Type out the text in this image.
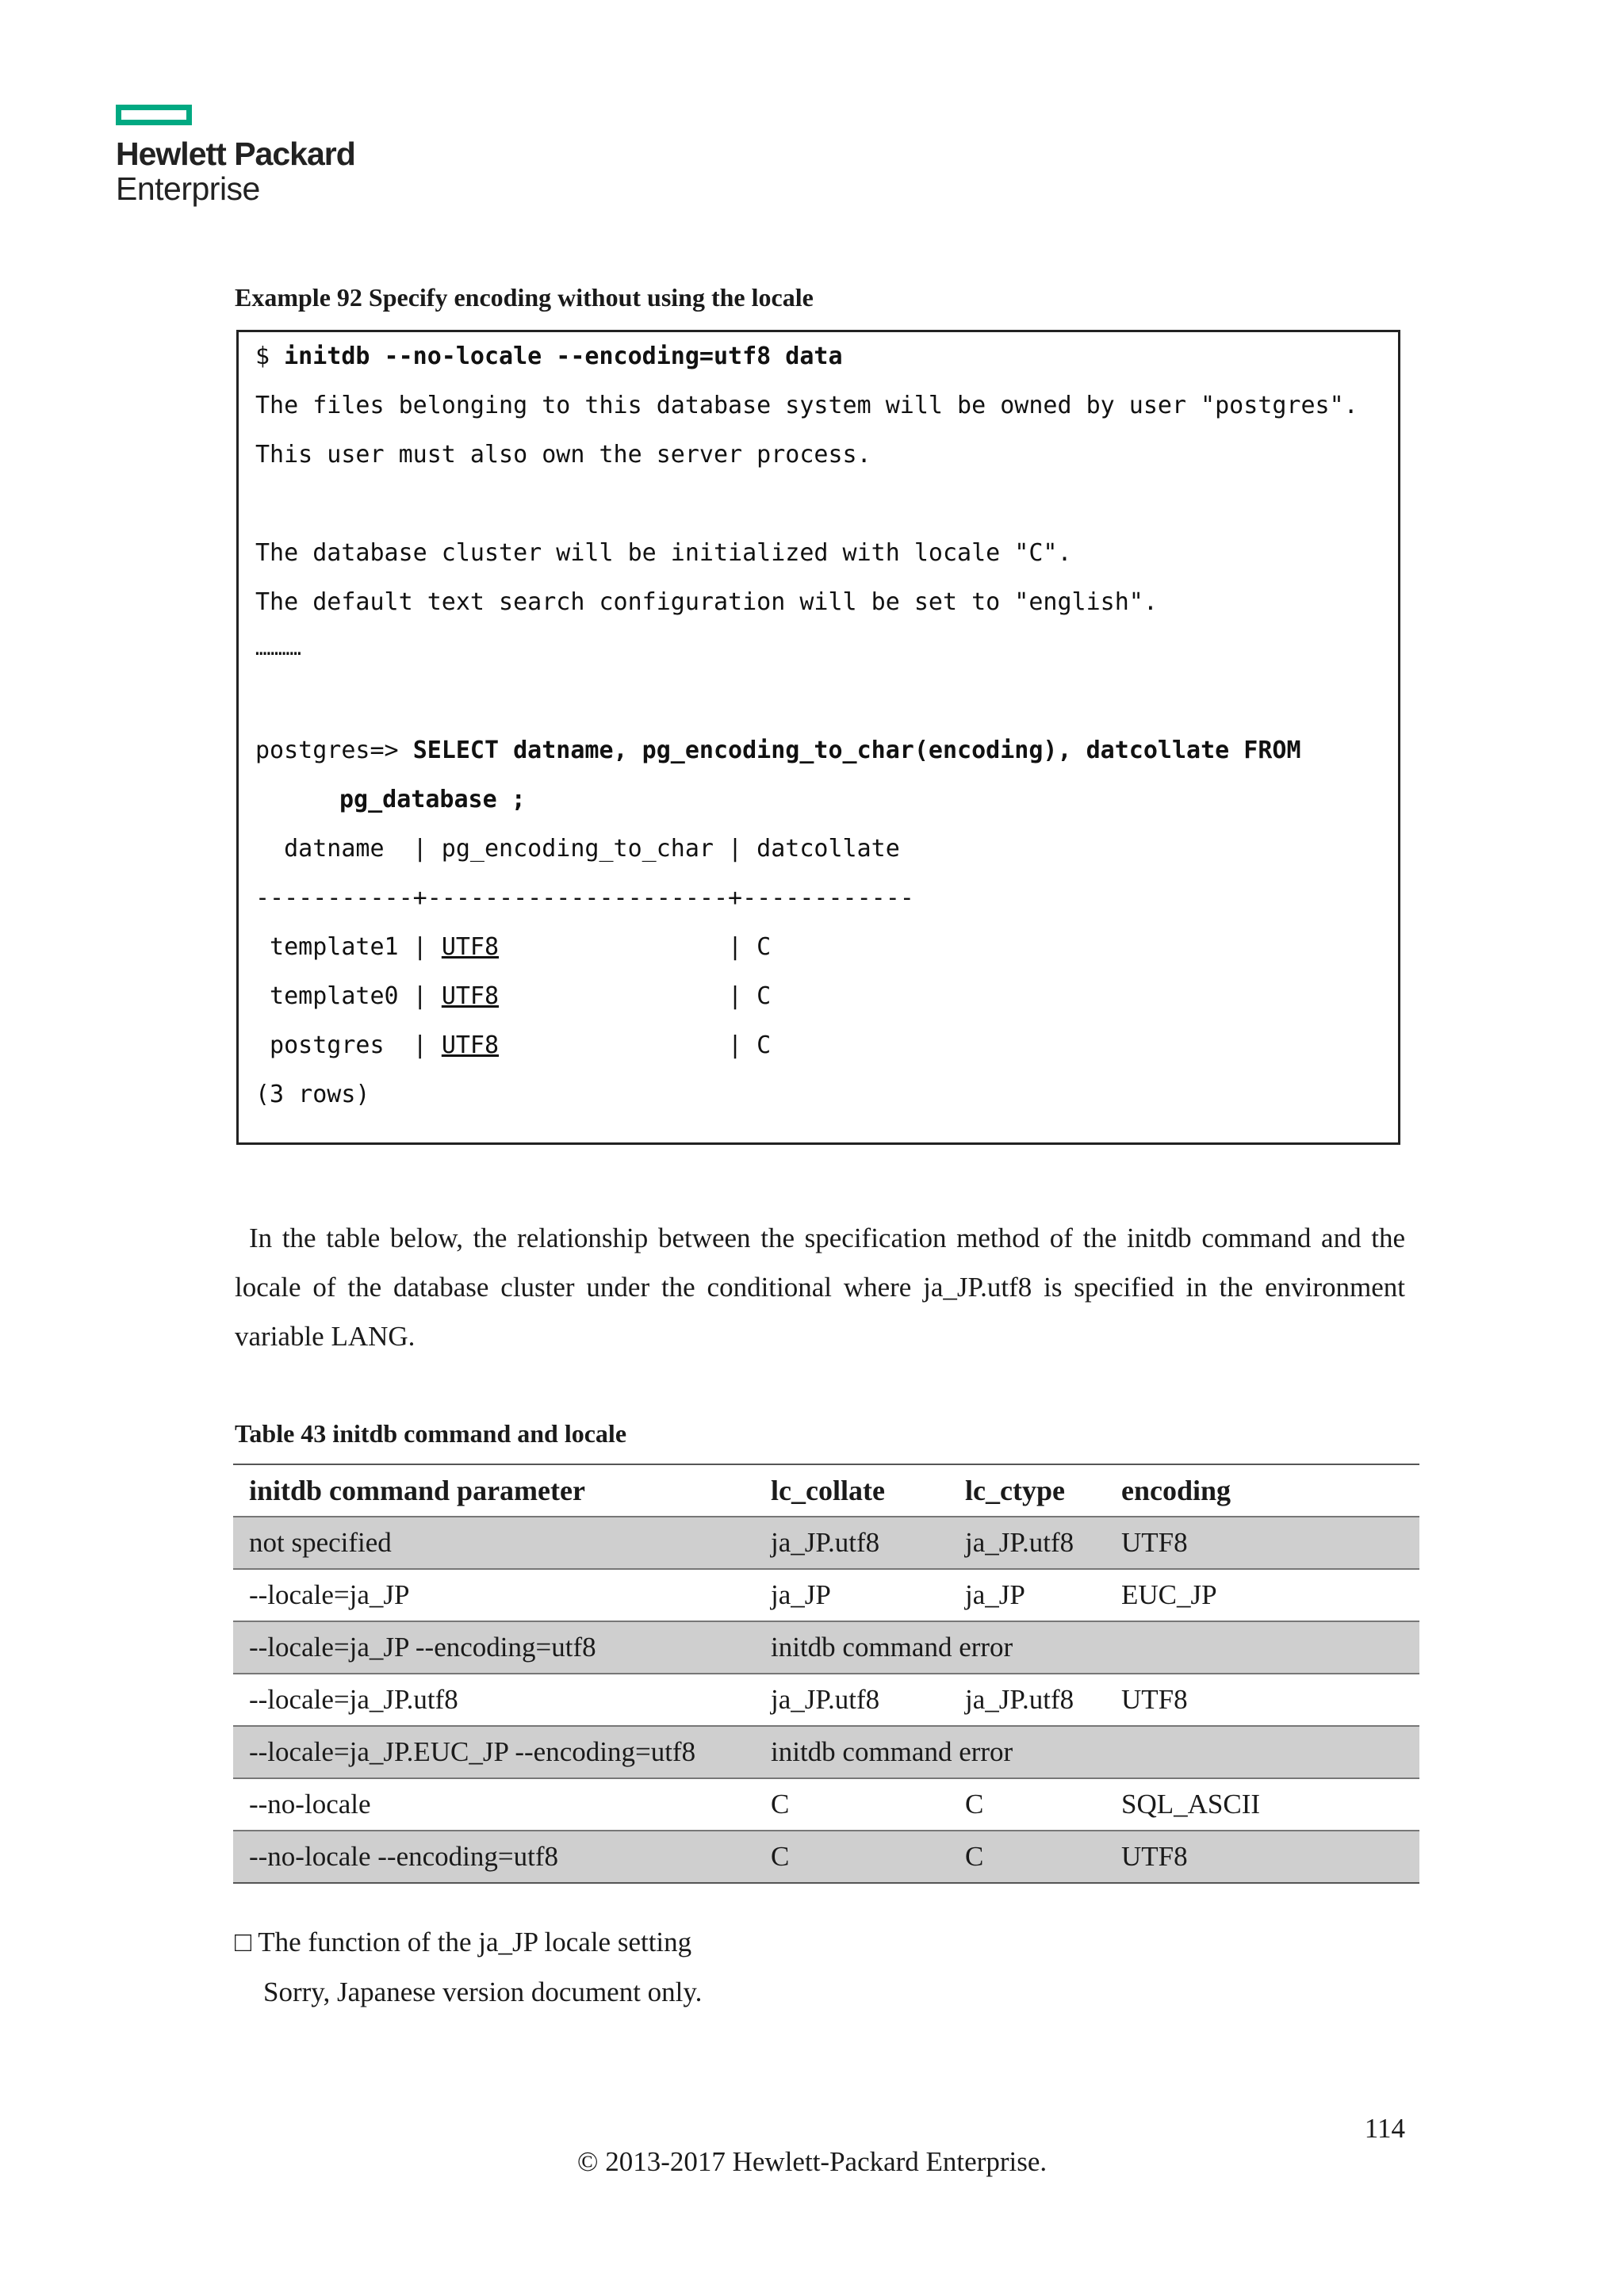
Hewlett Packard
Enterprise
Example 92 Specify encoding without using the locale
$ initdb --no-locale --encoding=utf8 data
The files belonging to this database system will be owned by user "postgres".
This user must also own the server process.
The database cluster will be initialized with locale "C".
The default text search configuration will be set to "english".
…………
postgres=> SELECT datname, pg_encoding_to_char(encoding), datcollate FROM
pg_database ;
datname  | pg_encoding_to_char | datcollate
-----------+---------------------+------------
template1 | UTF8                | C
template0 | UTF8                | C
postgres  | UTF8                | C
(3 rows)
In the table below, the relationship between the specification method of the initdb command and the locale of the database cluster under the conditional where ja_JP.utf8 is specified in the environment variable LANG.
Table 43 initdb command and locale
initdb command parameter	lc_collate	lc_ctype	encoding
not specified	ja_JP.utf8	ja_JP.utf8	UTF8
--locale=ja_JP	ja_JP	ja_JP	EUC_JP
--locale=ja_JP --encoding=utf8	initdb command error		
--locale=ja_JP.utf8	ja_JP.utf8	ja_JP.utf8	UTF8
--locale=ja_JP.EUC_JP --encoding=utf8	initdb command error		
--no-locale	C	C	SQL_ASCII
--no-locale --encoding=utf8	C	C	UTF8
□ The function of the ja_JP locale setting
Sorry, Japanese version document only.
114
© 2013-2017 Hewlett-Packard Enterprise.
